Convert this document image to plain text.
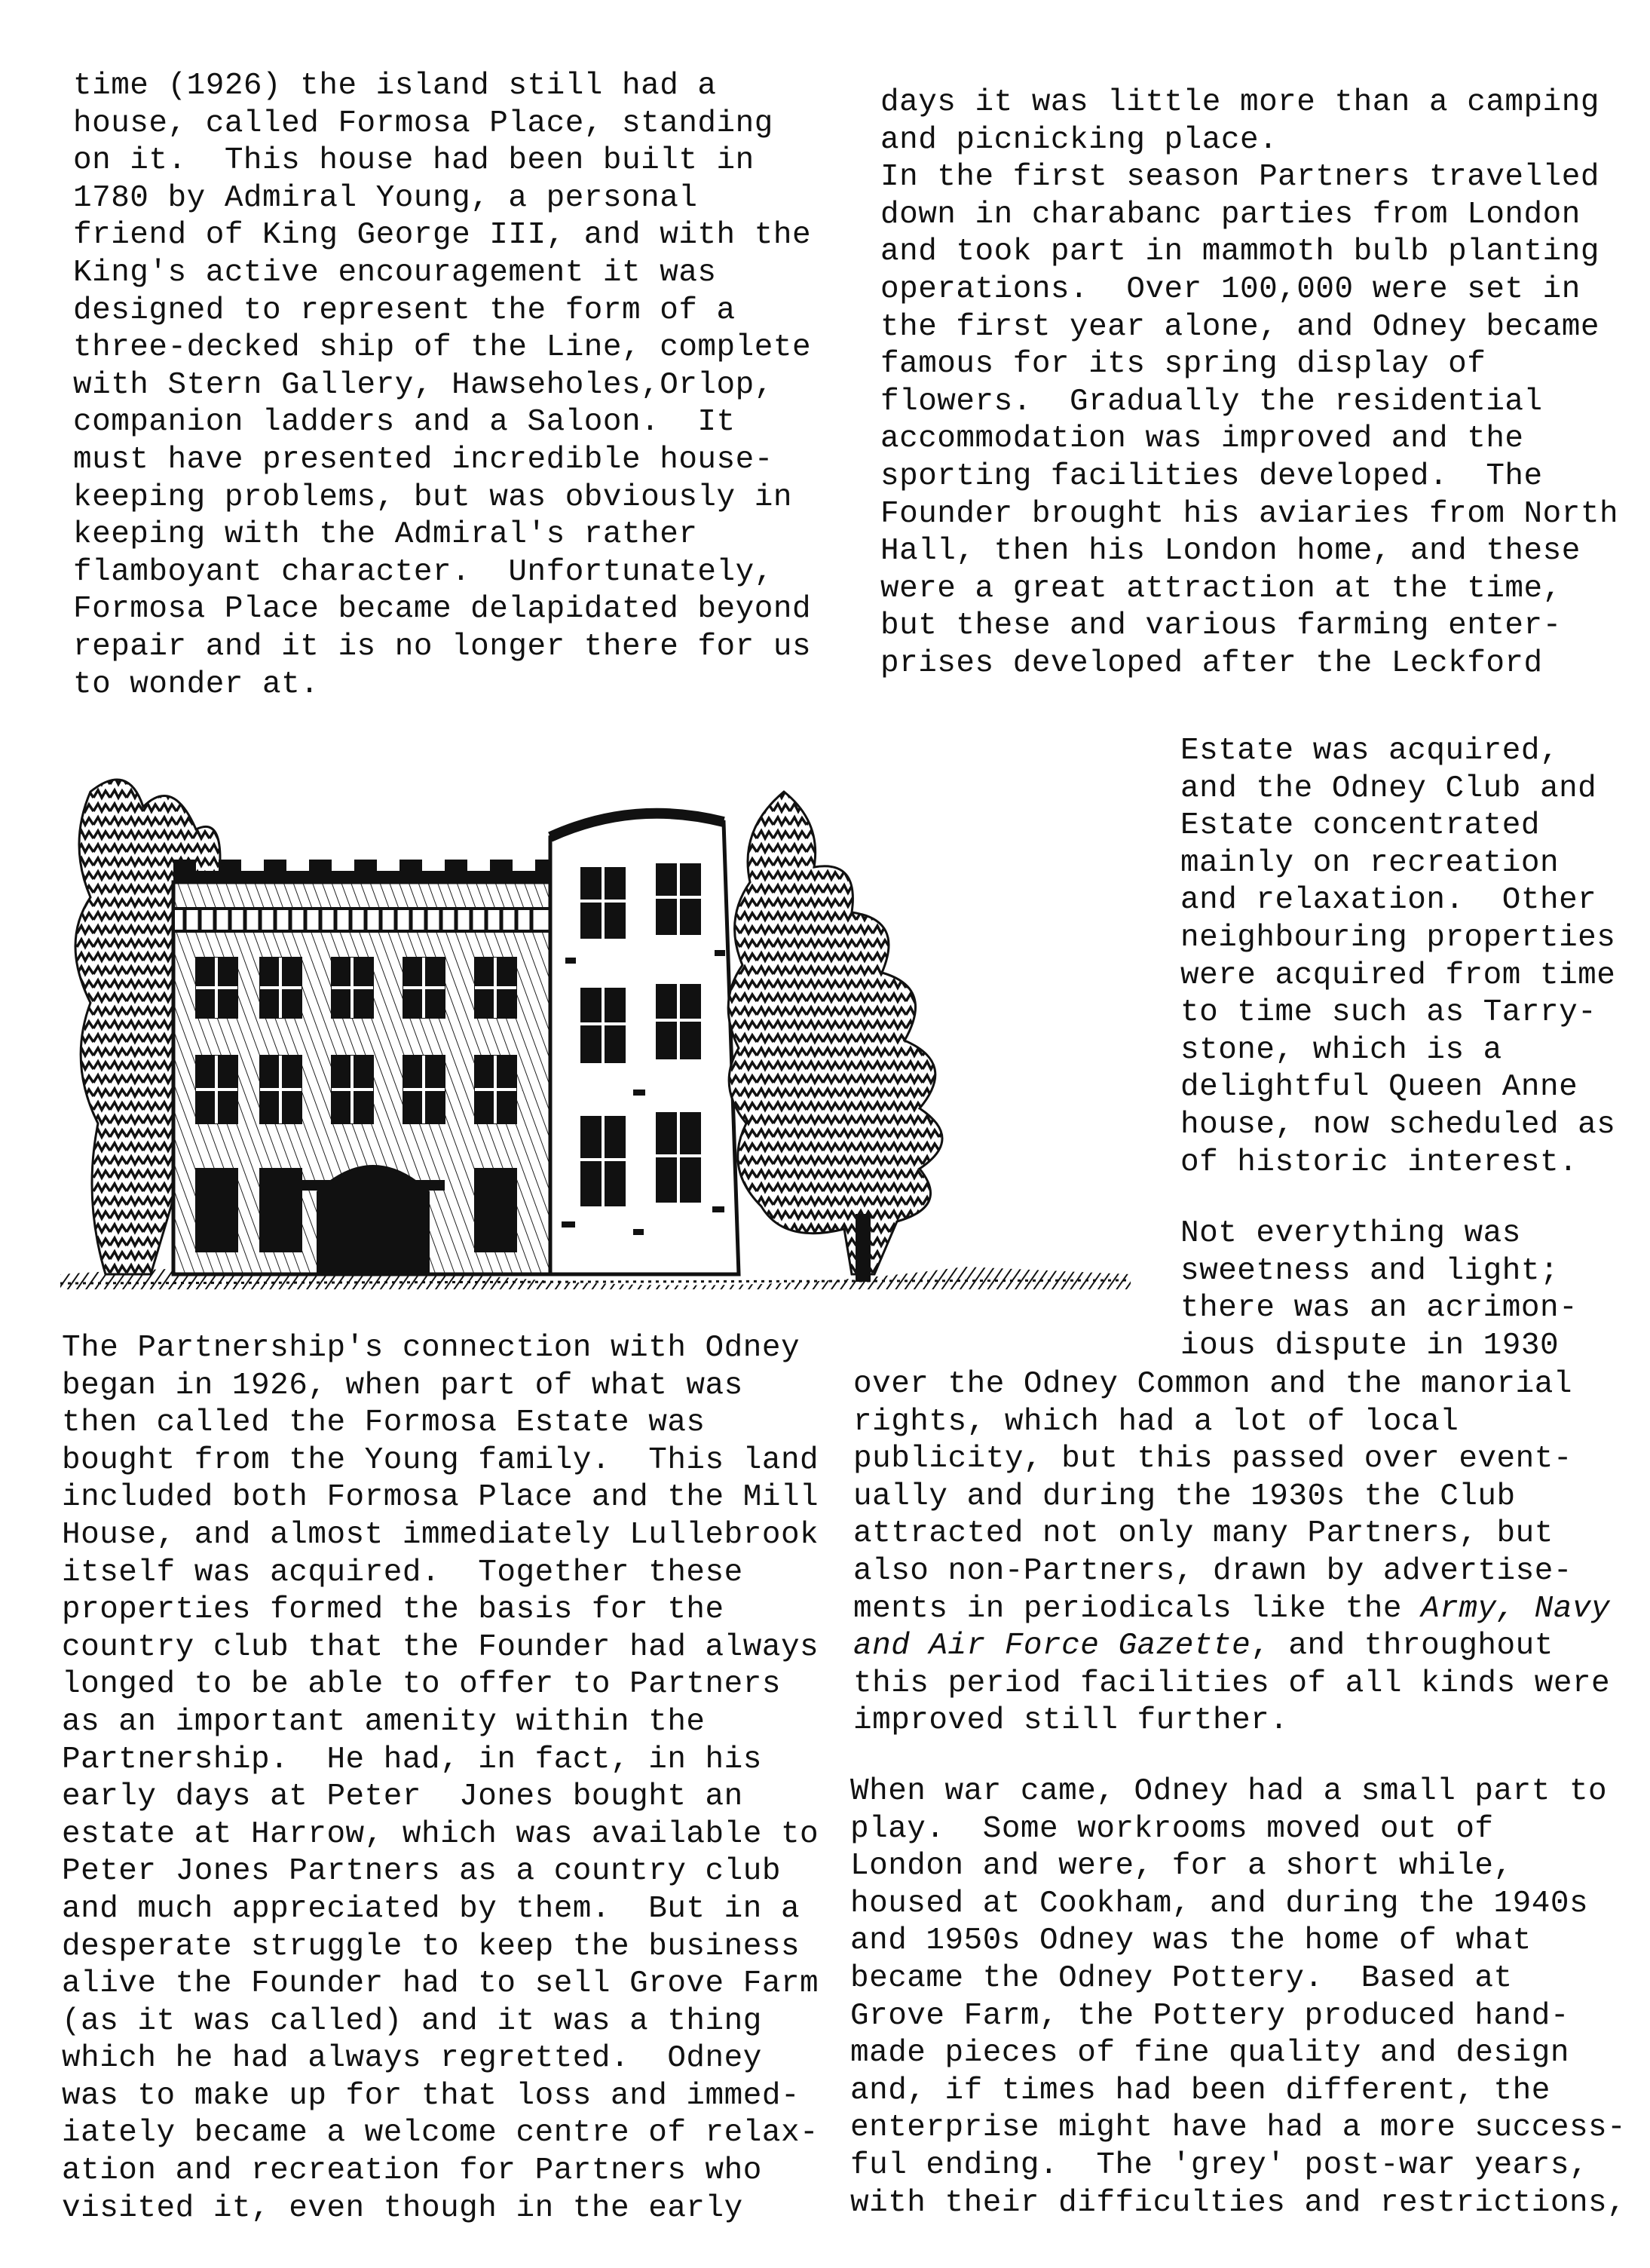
time (1926) the island still had a
house, called Formosa Place, standing
on it.  This house had been built in
1780 by Admiral Young, a personal
friend of King George III, and with the
King's active encouragement it was
designed to represent the form of a
three-decked ship of the Line, complete
with Stern Gallery, Hawseholes,Orlop,
companion ladders and a Saloon.  It
must have presented incredible house-
keeping problems, but was obviously in
keeping with the Admiral's rather
flamboyant character.  Unfortunately,
Formosa Place became delapidated beyond
repair and it is no longer there for us
to wonder at.
days it was little more than a camping
and picnicking place.
In the first season Partners travelled
down in charabanc parties from London
and took part in mammoth bulb planting
operations.  Over 100,000 were set in
the first year alone, and Odney became
famous for its spring display of
flowers.  Gradually the residential
accommodation was improved and the
sporting facilities developed.  The
Founder brought his aviaries from North
Hall, then his London home, and these
were a great attraction at the time,
but these and various farming enter-
prises developed after the Leckford
Estate was acquired,
and the Odney Club and
Estate concentrated
mainly on recreation
and relaxation.  Other
neighbouring properties
were acquired from time
to time such as Tarry-
stone, which is a
delightful Queen Anne
house, now scheduled as
of historic interest.
Not everything was
sweetness and light;
there was an acrimon-
ious dispute in 1930
The Partnership's connection with Odney
began in 1926, when part of what was
then called the Formosa Estate was
bought from the Young family.  This land
included both Formosa Place and the Mill
House, and almost immediately Lullebrook
itself was acquired.  Together these
properties formed the basis for the
country club that the Founder had always
longed to be able to offer to Partners
as an important amenity within the
Partnership.  He had, in fact, in his
early days at Peter  Jones bought an
estate at Harrow, which was available to
Peter Jones Partners as a country club
and much appreciated by them.  But in a
desperate struggle to keep the business
alive the Founder had to sell Grove Farm
(as it was called) and it was a thing
which he had always regretted.  Odney
was to make up for that loss and immed-
iately became a welcome centre of relax-
ation and recreation for Partners who
visited it, even though in the early
over the Odney Common and the manorial
rights, which had a lot of local
publicity, but this passed over event-
ually and during the 1930s the Club
attracted not only many Partners, but
also non-Partners, drawn by advertise-
ments in periodicals like the Army, Navy
and Air Force Gazette, and throughout
this period facilities of all kinds were
improved still further.
When war came, Odney had a small part to
play.  Some workrooms moved out of
London and were, for a short while,
housed at Cookham, and during the 1940s
and 1950s Odney was the home of what
became the Odney Pottery.  Based at
Grove Farm, the Pottery produced hand-
made pieces of fine quality and design
and, if times had been different, the
enterprise might have had a more success-
ful ending.  The 'grey' post-war years,
with their difficulties and restrictions,
